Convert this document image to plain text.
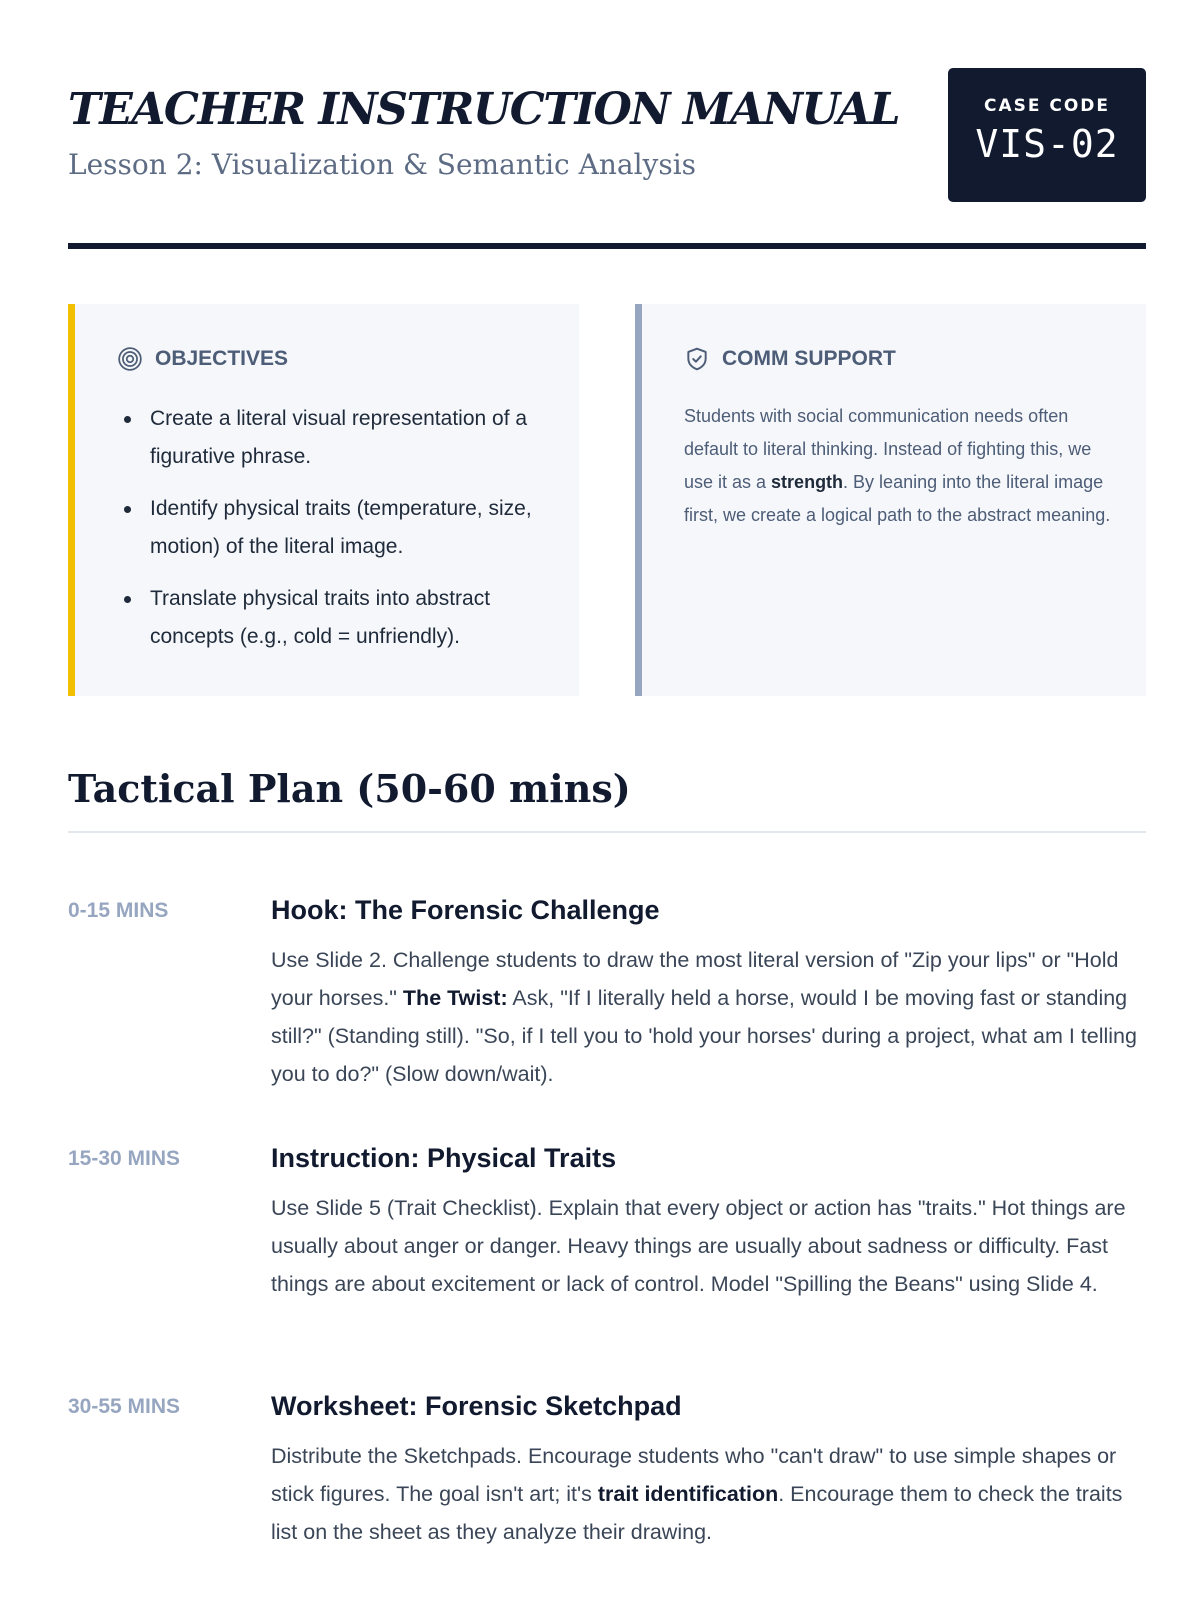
TEACHER INSTRUCTION MANUAL
Lesson 2: Visualization & Semantic Analysis
CASE CODE
VIS-02
OBJECTIVES
Create a literal visual representation of a figurative phrase.
Identify physical traits (temperature, size, motion) of the literal image.
Translate physical traits into abstract concepts (e.g., cold = unfriendly).
COMM SUPPORT

Students with social communication needs often default to literal thinking. Instead of fighting this, we use it as a strength. By leaning into the literal image first, we create a logical path to the abstract meaning.

Tactical Plan (50-60 mins)
0-15 MINS	Hook: The Forensic Challenge

Use Slide 2. Challenge students to draw the most literal version of "Zip your lips" or "Hold your horses." The Twist: Ask, "If I literally held a horse, would I be moving fast or standing still?" (Standing still). "So, if I tell you to 'hold your horses' during a project, what am I telling you to do?" (Slow down/wait).

15-30 MINS	Instruction: Physical Traits

Use Slide 5 (Trait Checklist). Explain that every object or action has "traits." Hot things are usually about anger or danger. Heavy things are usually about sadness or difficulty. Fast things are about excitement or lack of control. Model "Spilling the Beans" using Slide 4.

30-55 MINS	Worksheet: Forensic Sketchpad

Distribute the Sketchpads. Encourage students who "can't draw" to use simple shapes or stick figures. The goal isn't art; it's trait identification. Encourage them to check the traits list on the sheet as they analyze their drawing.
